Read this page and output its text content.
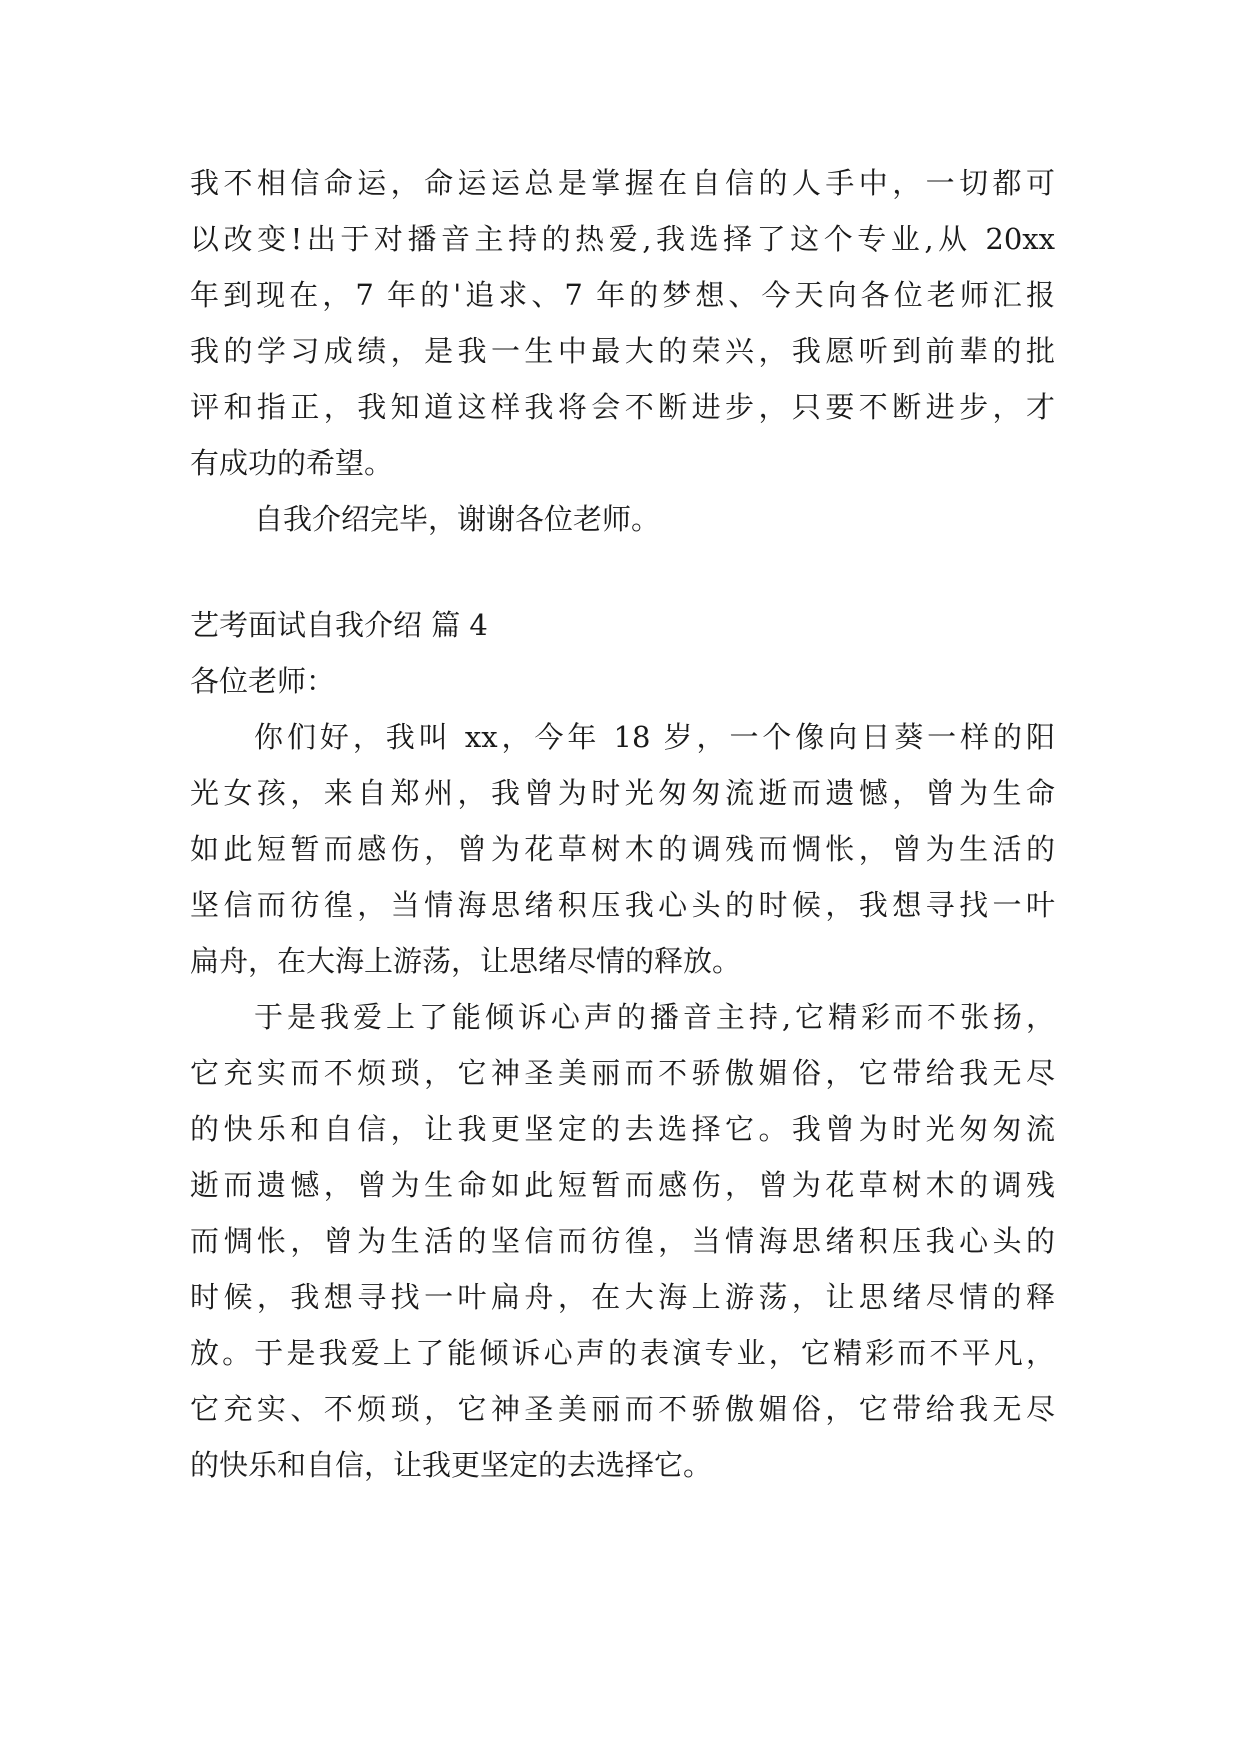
我不相信命运，命运运总是掌握在自信的人手中，一切都可
以改变!出于对播音主持的热爱,我选择了这个专业,从 20xx
年到现在，7 年的'追求、7 年的梦想、今天向各位老师汇报
我的学习成绩，是我一生中最大的荣兴，我愿听到前辈的批
评和指正，我知道这样我将会不断进步，只要不断进步，才
有成功的希望。
自我介绍完毕，谢谢各位老师。
艺考面试自我介绍 篇 4
各位老师：
你们好，我叫 xx，今年 18 岁，一个像向日葵一样的阳
光女孩，来自郑州，我曾为时光匆匆流逝而遗憾，曾为生命
如此短暂而感伤，曾为花草树木的调残而惆怅，曾为生活的
坚信而彷徨，当情海思绪积压我心头的时候，我想寻找一叶
扁舟，在大海上游荡，让思绪尽情的释放。
于是我爱上了能倾诉心声的播音主持,它精彩而不张扬，
它充实而不烦琐，它神圣美丽而不骄傲媚俗，它带给我无尽
的快乐和自信，让我更坚定的去选择它。我曾为时光匆匆流
逝而遗憾，曾为生命如此短暂而感伤，曾为花草树木的调残
而惆怅，曾为生活的坚信而彷徨，当情海思绪积压我心头的
时候，我想寻找一叶扁舟，在大海上游荡，让思绪尽情的释
放。于是我爱上了能倾诉心声的表演专业，它精彩而不平凡，
它充实、不烦琐，它神圣美丽而不骄傲媚俗，它带给我无尽
的快乐和自信，让我更坚定的去选择它。
